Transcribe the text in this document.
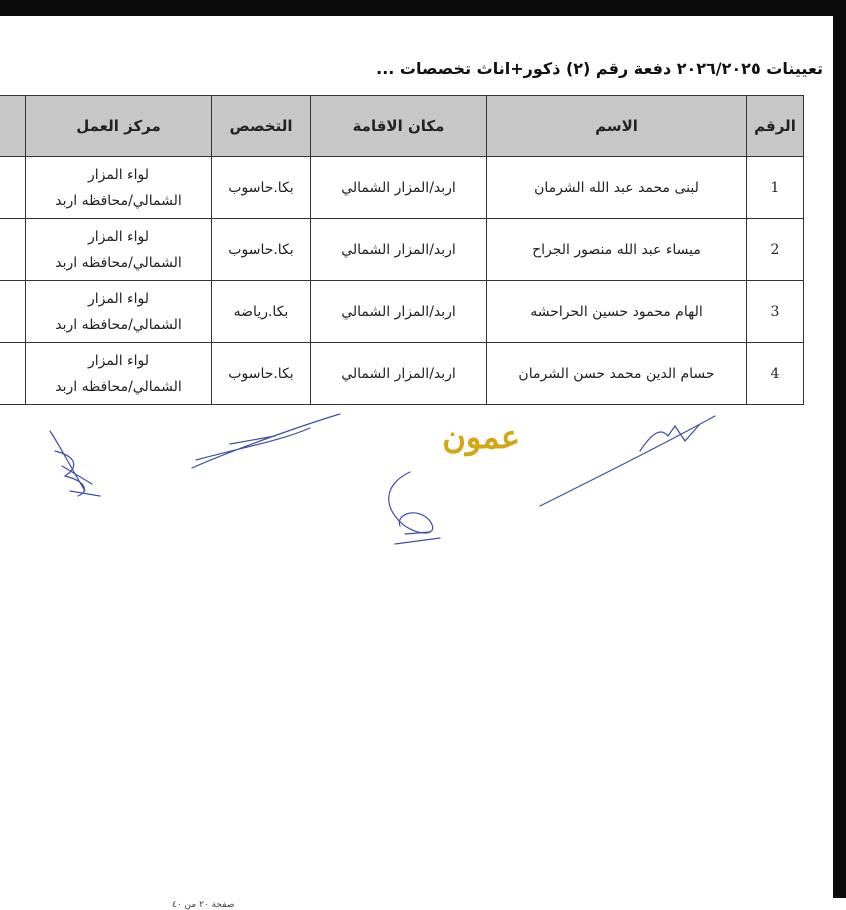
تعيينات ٢٠٢٦/٢٠٢٥ دفعة رقم (٢) ذكور+اناث تخصصات ...
الرقم	الاسم	مكان الاقامة	التخصص	مركز العمل	
1	لبنى محمد عبد الله الشرمان	اربد/المزار الشمالي	بكا.حاسوب	لواء المزار
الشمالي/محافظه اربد	

2	ميساء عبد الله منصور الجراح	اربد/المزار الشمالي	بكا.حاسوب	لواء المزار
الشمالي/محافظه اربد	

3	الهام محمود حسين الحراحشه	اربد/المزار الشمالي	بكا.رياضه	لواء المزار
الشمالي/محافظه اربد	

4	حسام الدين محمد حسن الشرمان	اربد/المزار الشمالي	بكا.حاسوب	لواء المزار
الشمالي/محافظه اربد	

عمون
صفحة ٢٠ من ٤٠
